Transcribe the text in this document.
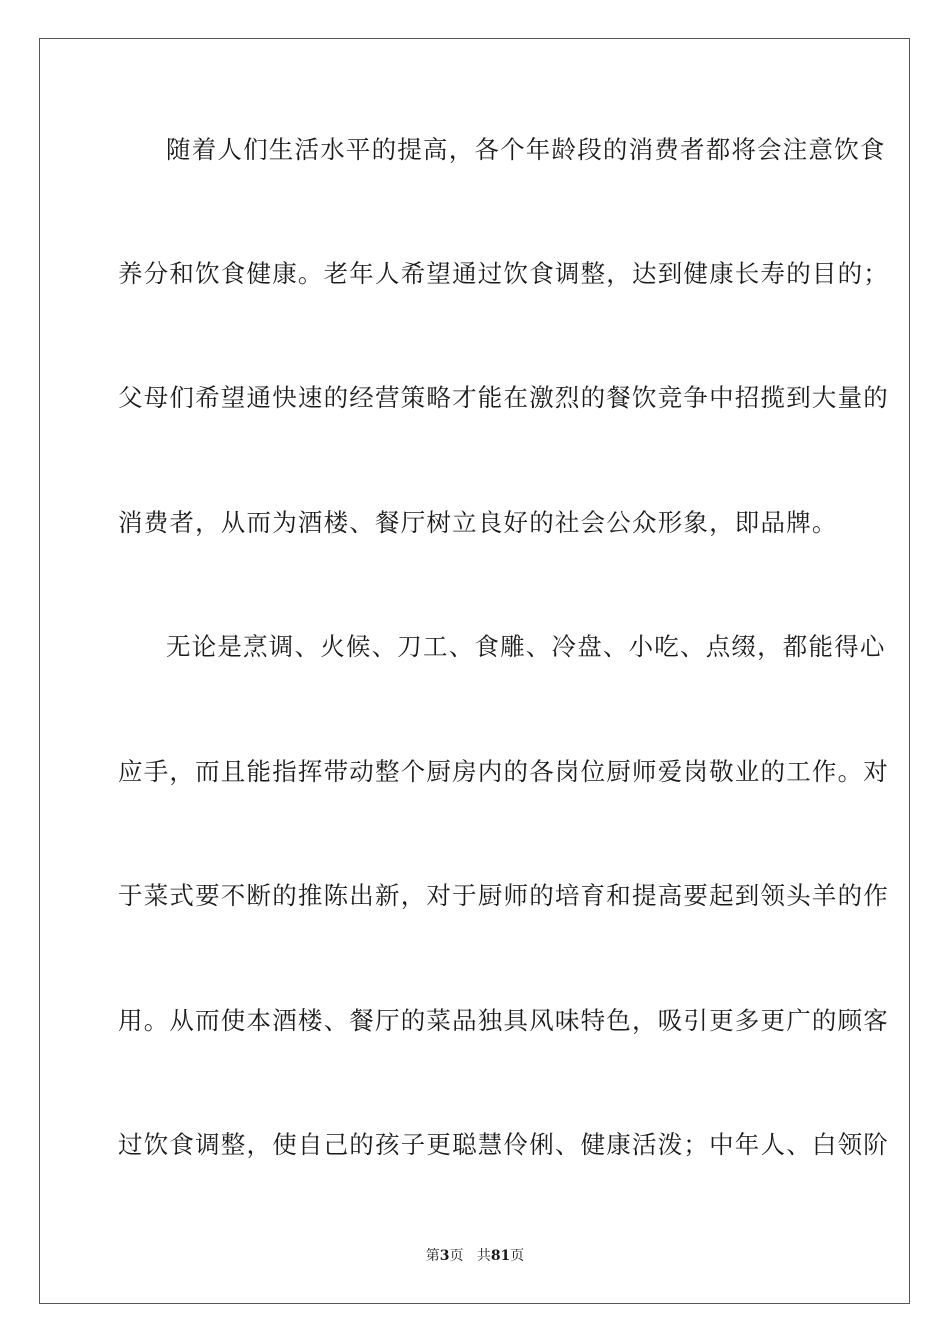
随着人们生活水平的提高，各个年龄段的消费者都将会注意饮食
养分和饮食健康。老年人希望通过饮食调整，达到健康长寿的目的；
父母们希望通快速的经营策略才能在激烈的餐饮竞争中招揽到大量的
消费者，从而为酒楼、餐厅树立良好的社会公众形象，即品牌。
无论是烹调、火候、刀工、食雕、冷盘、小吃、点缀，都能得心
应手，而且能指挥带动整个厨房内的各岗位厨师爱岗敬业的工作。对
于菜式要不断的推陈出新，对于厨师的培育和提高要起到领头羊的作
用。从而使本酒楼、餐厅的菜品独具风味特色，吸引更多更广的顾客
过饮食调整，使自己的孩子更聪慧伶俐、健康活泼；中年人、白领阶
第3页 共81页
